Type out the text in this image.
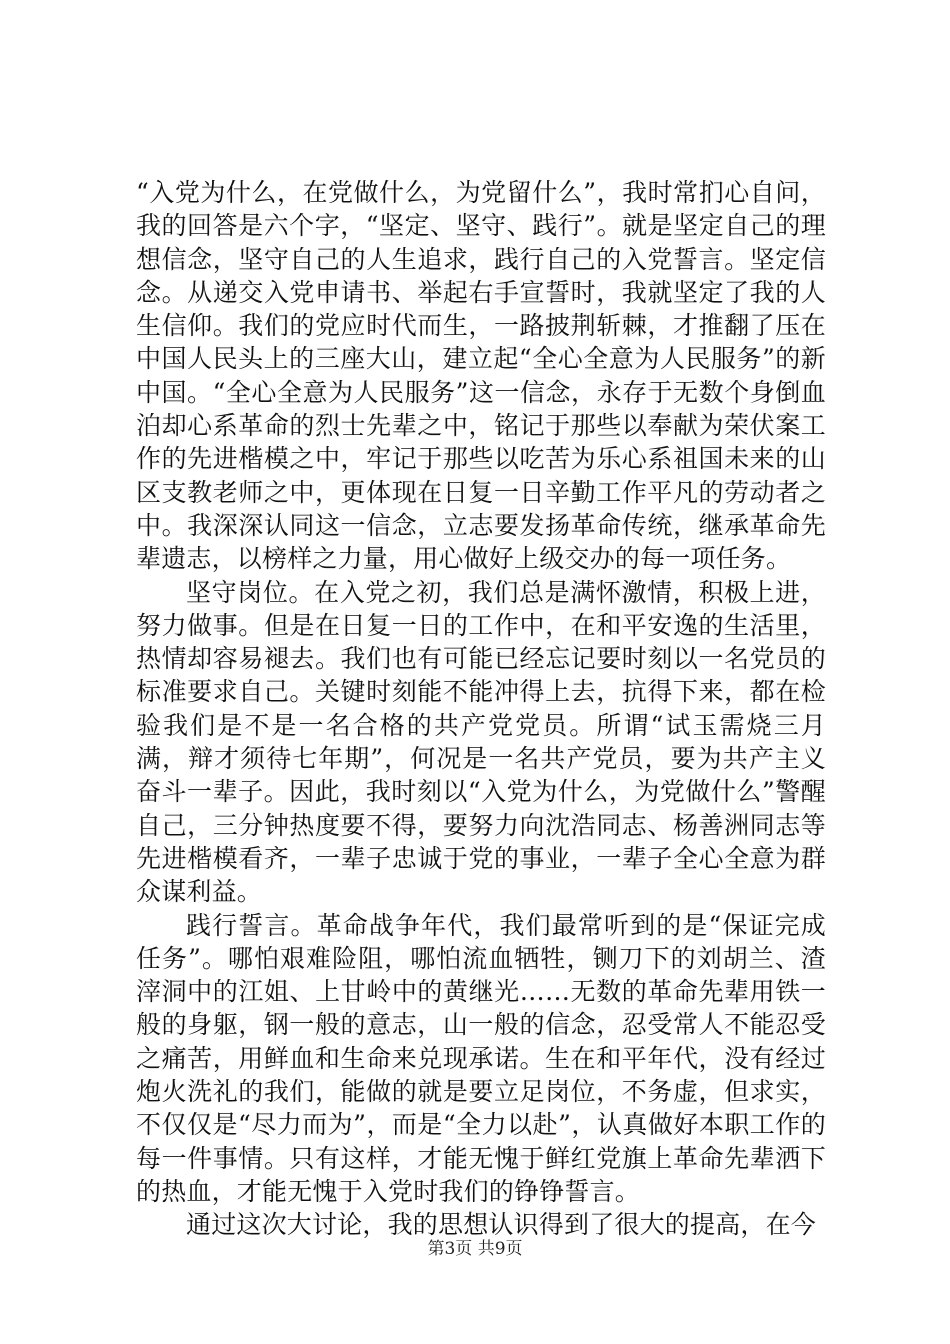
“入党为什么，在党做什么，为党留什么”，我时常扪心自问，我的回答是六个字，“坚定、坚守、践行”。就是坚定自己的理想信念，坚守自己的人生追求，践行自己的入党誓言。坚定信念。从递交入党申请书、举起右手宣誓时，我就坚定了我的人生信仰。我们的党应时代而生，一路披荆斩棘，才推翻了压在中国人民头上的三座大山，建立起“全心全意为人民服务”的新中国。“全心全意为人民服务”这一信念，永存于无数个身倒血泊却心系革命的烈士先辈之中，铭记于那些以奉献为荣伏案工作的先进楷模之中，牢记于那些以吃苦为乐心系祖国未来的山区支教老师之中，更体现在日复一日辛勤工作平凡的劳动者之中。我深深认同这一信念，立志要发扬革命传统，继承革命先辈遗志，以榜样之力量，用心做好上级交办的每一项任务。

坚守岗位。在入党之初，我们总是满怀激情，积极上进，努力做事。但是在日复一日的工作中，在和平安逸的生活里，热情却容易褪去。我们也有可能已经忘记要时刻以一名党员的标准要求自己。关键时刻能不能冲得上去，抗得下来，都在检验我们是不是一名合格的共产党党员。所谓“试玉需烧三月满，辩才须待七年期”，何况是一名共产党员，要为共产主义奋斗一辈子。因此，我时刻以“入党为什么，为党做什么”警醒自己，三分钟热度要不得，要努力向沈浩同志、杨善洲同志等先进楷模看齐，一辈子忠诚于党的事业，一辈子全心全意为群众谋利益。

践行誓言。革命战争年代，我们最常听到的是“保证完成任务”。哪怕艰难险阻，哪怕流血牺牲，铡刀下的刘胡兰、渣滓洞中的江姐、上甘岭中的黄继光……无数的革命先辈用铁一般的身躯，钢一般的意志，山一般的信念，忍受常人不能忍受之痛苦，用鲜血和生命来兑现承诺。生在和平年代，没有经过炮火洗礼的我们，能做的就是要立足岗位，不务虚，但求实，不仅仅是“尽力而为”，而是“全力以赴”，认真做好本职工作的每一件事情。只有这样，才能无愧于鲜红党旗上革命先辈洒下的热血，才能无愧于入党时我们的铮铮誓言。

通过这次大讨论，我的思想认识得到了很大的提高，在今

第3页 共9页
